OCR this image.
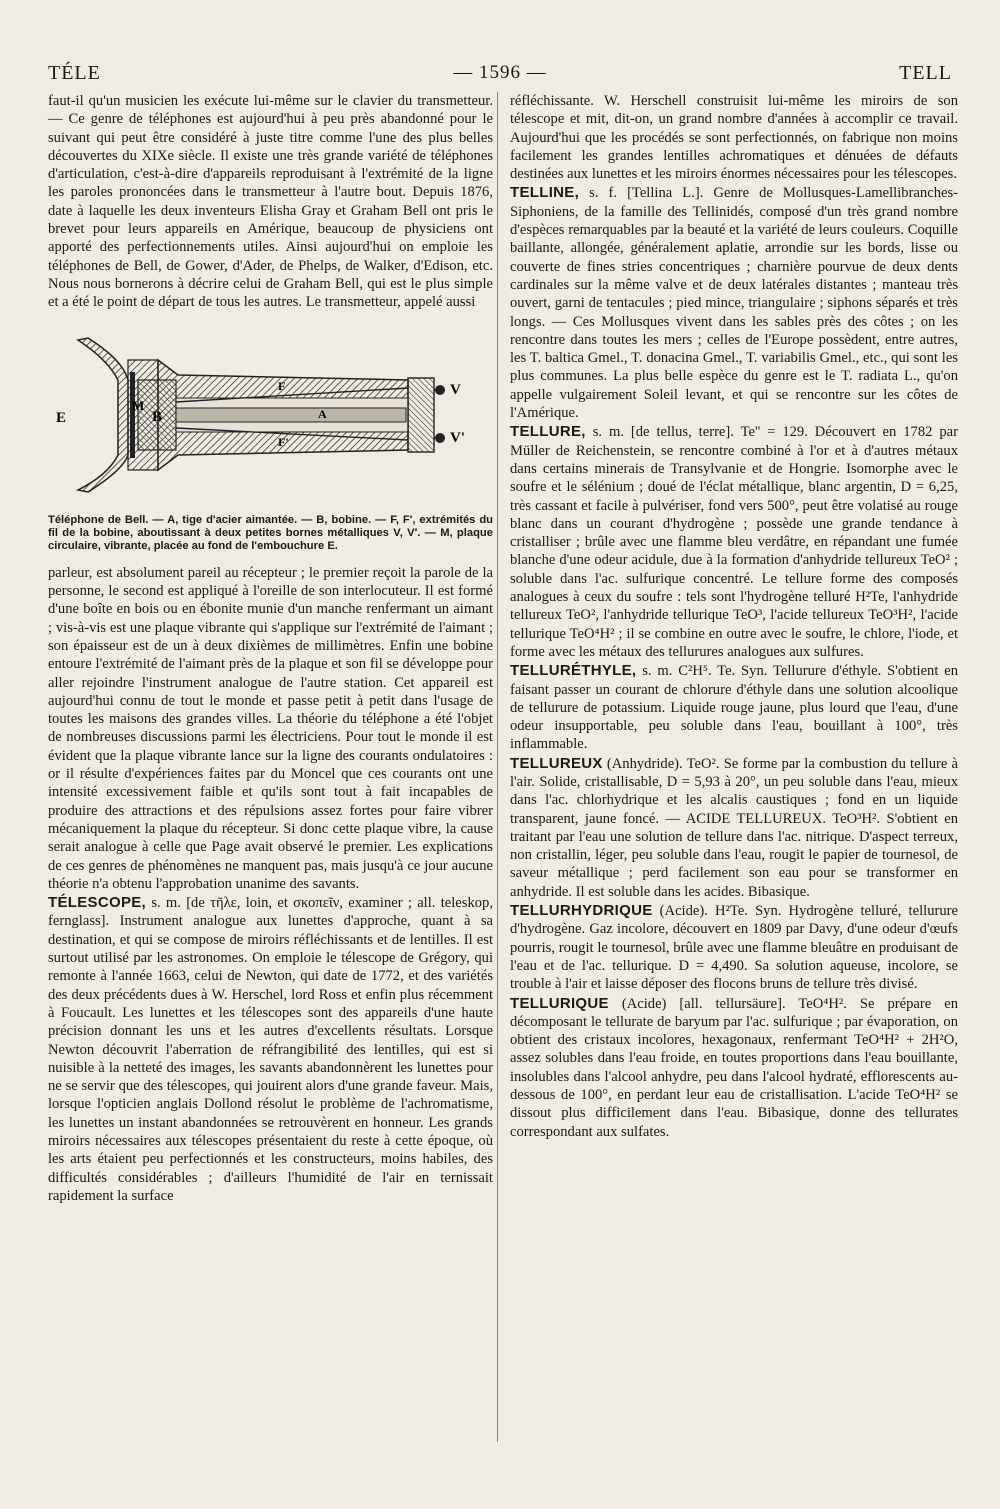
TÉLE	— 1596 —	TELL

faut-il qu'un musicien les exécute lui-même sur le clavier du transmetteur. — Ce genre de téléphones est aujourd'hui à peu près abandonné pour le suivant qui peut être considéré à juste titre comme l'une des plus belles découvertes du XIXe siècle. Il existe une très grande variété de téléphones d'articulation, c'est-à-dire d'appareils reproduisant à l'extrémité de la ligne les paroles prononcées dans le transmetteur à l'autre bout. Depuis 1876, date à laquelle les deux inventeurs Elisha Gray et Graham Bell ont pris le brevet pour leurs appareils en Amérique, beaucoup de physiciens ont apporté des perfectionnements utiles. Ainsi aujourd'hui on emploie les téléphones de Bell, de Gower, d'Ader, de Phelps, de Walker, d'Edison, etc. Nous nous bornerons à décrire celui de Graham Bell, qui est le plus simple et a été le point de départ de tous les autres. Le transmetteur, appelé aussi

E
M
B
F
F'
A
V
V'
Téléphone de Bell. — A, tige d'acier aimantée. — B, bobine. — F, F', extrémités du fil de la bobine, aboutissant à deux petites bornes métalliques V, V'. — M, plaque circulaire, vibrante, placée au fond de l'embouchure E.

parleur, est absolument pareil au récepteur ; le premier reçoit la parole de la personne, le second est appliqué à l'oreille de son interlocuteur. Il est formé d'une boîte en bois ou en ébonite munie d'un manche renfermant un aimant ; vis-à-vis est une plaque vibrante qui s'applique sur l'extrémité de l'aimant ; son épaisseur est de un à deux dixièmes de millimètres. Enfin une bobine entoure l'extrémité de l'aimant près de la plaque et son fil se développe pour aller rejoindre l'instrument analogue de l'autre station. Cet appareil est aujourd'hui connu de tout le monde et passe petit à petit dans l'usage de toutes les maisons des grandes villes. La théorie du téléphone a été l'objet de nombreuses discussions parmi les électriciens. Pour tout le monde il est évident que la plaque vibrante lance sur la ligne des courants ondulatoires : or il résulte d'expériences faites par du Moncel que ces courants ont une intensité excessivement faible et qu'ils sont tout à fait incapables de produire des attractions et des répulsions assez fortes pour faire vibrer mécaniquement la plaque du récepteur. Si donc cette plaque vibre, la cause serait analogue à celle que Page avait observé le premier. Les explications de ces genres de phénomènes ne manquent pas, mais jusqu'à ce jour aucune théorie n'a obtenu l'approbation unanime des savants.

TÉLESCOPE, s. m. [de τῆλε, loin, et σκοπεῖν, examiner ; all. teleskop, fernglass]. Instrument analogue aux lunettes d'approche, quant à sa destination, et qui se compose de miroirs réfléchissants et de lentilles. Il est surtout utilisé par les astronomes. On emploie le télescope de Grégory, qui remonte à l'année 1663, celui de Newton, qui date de 1772, et des variétés des deux précédents dues à W. Herschel, lord Ross et enfin plus récemment à Foucault. Les lunettes et les télescopes sont des appareils d'une haute précision donnant les uns et les autres d'excellents résultats. Lorsque Newton découvrit l'aberration de réfrangibilité des lentilles, qui est si nuisible à la netteté des images, les savants abandonnèrent les lunettes pour ne se servir que des télescopes, qui jouirent alors d'une grande faveur. Mais, lorsque l'opticien anglais Dollond résolut le problème de l'achromatisme, les lunettes un instant abandonnées se retrouvèrent en honneur. Les grands miroirs nécessaires aux télescopes présentaient du reste à cette époque, où les arts étaient peu perfectionnés et les constructeurs, moins habiles, des difficultés considérables ; d'ailleurs l'humidité de l'air en ternissait rapidement la surface

réfléchissante. W. Herschell construisit lui-même les miroirs de son télescope et mit, dit-on, un grand nombre d'années à accomplir ce travail. Aujourd'hui que les procédés se sont perfectionnés, on fabrique non moins facilement les grandes lentilles achromatiques et dénuées de défauts destinées aux lunettes et les miroirs énormes nécessaires pour les télescopes.

TELLINE, s. f. [Tellina L.]. Genre de Mollusques-Lamellibranches-Siphoniens, de la famille des Tellinidés, composé d'un très grand nombre d'espèces remarquables par la beauté et la variété de leurs couleurs. Coquille baillante, allongée, généralement aplatie, arrondie sur les bords, lisse ou couverte de fines stries concentriques ; charnière pourvue de deux dents cardinales sur la même valve et de deux latérales distantes ; manteau très ouvert, garni de tentacules ; pied mince, triangulaire ; siphons séparés et très longs. — Ces Mollusques vivent dans les sables près des côtes ; on les rencontre dans toutes les mers ; celles de l'Europe possèdent, entre autres, les T. baltica Gmel., T. donacina Gmel., T. variabilis Gmel., etc., qui sont les plus communes. La plus belle espèce du genre est le T. radiata L., qu'on appelle vulgairement Soleil levant, et qui se rencontre sur les côtes de l'Amérique.

TELLURE, s. m. [de tellus, terre]. Te'' = 129. Découvert en 1782 par Müller de Reichenstein, se rencontre combiné à l'or et à d'autres métaux dans certains minerais de Transylvanie et de Hongrie. Isomorphe avec le soufre et le sélénium ; doué de l'éclat métallique, blanc argentin, D = 6,25, très cassant et facile à pulvériser, fond vers 500°, peut être volatisé au rouge blanc dans un courant d'hydrogène ; possède une grande tendance à cristalliser ; brûle avec une flamme bleu verdâtre, en répandant une fumée blanche d'une odeur acidule, due à la formation d'anhydride tellureux TeO² ; soluble dans l'ac. sulfurique concentré. Le tellure forme des composés analogues à ceux du soufre : tels sont l'hydrogène telluré H²Te, l'anhydride tellureux TeO², l'anhydride tellurique TeO³, l'acide tellureux TeO³H², l'acide tellurique TeO⁴H² ; il se combine en outre avec le soufre, le chlore, l'iode, et forme avec les métaux des tellurures analogues aux sulfures.

TELLURÉTHYLE, s. m. C²H⁵. Te. Syn. Tellurure d'éthyle. S'obtient en faisant passer un courant de chlorure d'éthyle dans une solution alcoolique de tellurure de potassium. Liquide rouge jaune, plus lourd que l'eau, d'une odeur insupportable, peu soluble dans l'eau, bouillant à 100°, très inflammable.

TELLUREUX (Anhydride). TeO². Se forme par la combustion du tellure à l'air. Solide, cristallisable, D = 5,93 à 20°, un peu soluble dans l'eau, mieux dans l'ac. chlorhydrique et les alcalis caustiques ; fond en un liquide transparent, jaune foncé. — ACIDE TELLUREUX. TeO³H². S'obtient en traitant par l'eau une solution de tellure dans l'ac. nitrique. D'aspect terreux, non cristallin, léger, peu soluble dans l'eau, rougit le papier de tournesol, de saveur métallique ; perd facilement son eau pour se transformer en anhydride. Il est soluble dans les acides. Bibasique.

TELLURHYDRIQUE (Acide). H²Te. Syn. Hydrogène telluré, tellurure d'hydrogène. Gaz incolore, découvert en 1809 par Davy, d'une odeur d'œufs pourris, rougit le tournesol, brûle avec une flamme bleuâtre en produisant de l'eau et de l'ac. tellurique. D = 4,490. Sa solution aqueuse, incolore, se trouble à l'air et laisse déposer des flocons bruns de tellure très divisé.

TELLURIQUE (Acide) [all. tellursäure]. TeO⁴H². Se prépare en décomposant le tellurate de baryum par l'ac. sulfurique ; par évaporation, on obtient des cristaux incolores, hexagonaux, renfermant TeO⁴H² + 2H²O, assez solubles dans l'eau froide, en toutes proportions dans l'eau bouillante, insolubles dans l'alcool anhydre, peu dans l'alcool hydraté, efflorescents au-dessous de 100°, en perdant leur eau de cristallisation. L'acide TeO⁴H² se dissout plus difficilement dans l'eau. Bibasique, donne des tellurates correspondant aux sulfates.
